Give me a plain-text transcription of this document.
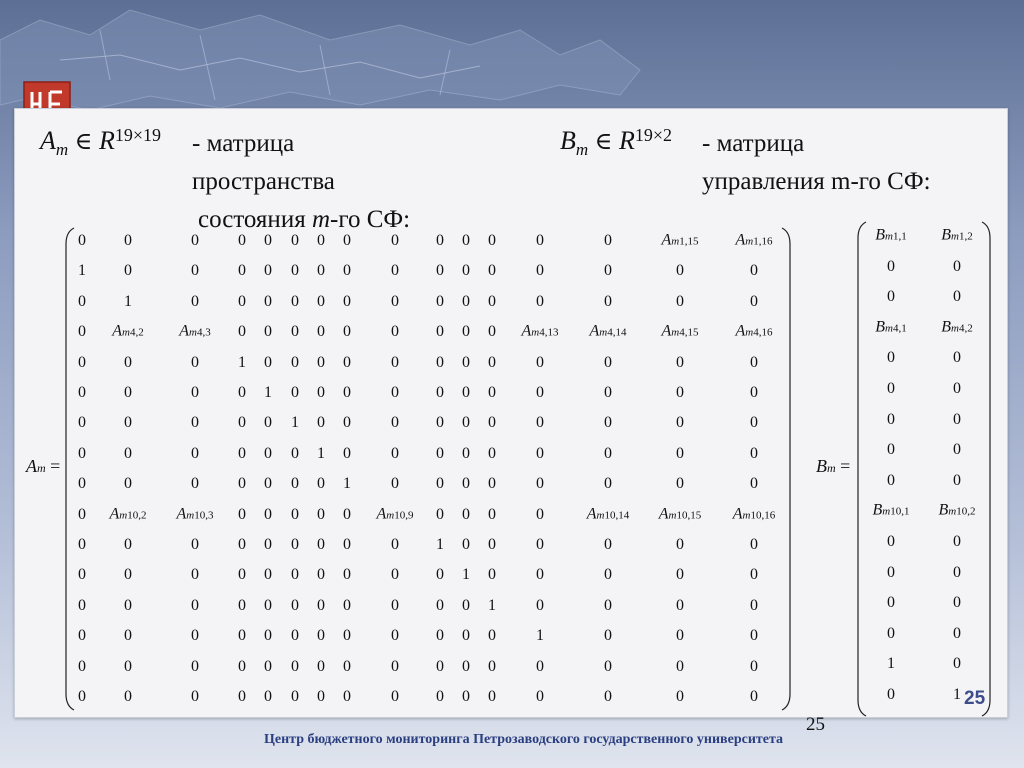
$A_m$ ∈ $R^{19\times 19}$ - матрица
пространства
состояния m-го СФ:
$B_m$ ∈ $R^{19\times 2}$ - матрица
управления m-го СФ:
Am =	Bm =
0 0	0 0 0 0 0 0	0 0 0 0	0	0	Am1,15 Am1,16
1 0	0 0 0 0 0 0	0 0 0 0	0	0	0	0
0 1	0 0 0 0 0 0	0 0 0 0	0	0	0	0
0 Am4,2 Am4,3 0 0 0 0 0	0 0 0 0 Am4,13 Am4,14 Am4,15 Am4,16
0 0	0 1 0 0 0 0	0 0 0 0	0	0	0	0
0 0	0 0 1 0 0 0	0 0 0 0	0	0	0	0
0 0	0 0 0 1 0 0	0 0 0 0	0	0	0	0
0 0	0 0 0 0 1 0	0 0 0 0	0	0	0	0
0 0	0 0 0 0 0 1	0 0 0 0	0	0	0	0
0 Am10,2 Am10,3 0 0 0 0 0 Am10,9 0 0 0	0	Am10,14 Am10,15 Am10,16
0 0	0 0 0 0 0 0	0 1 0 0	0	0	0	0
0 0	0 0 0 0 0 0	0 0 1 0	0	0	0	0
0 0	0 0 0 0 0 0	0 0 0 1	0	0	0	0
0 0	0 0 0 0 0 0	0 0 0 0	1	0	0	0
0 0	0 0 0 0 0 0	0 0 0 0	0	0	0	0
0 0	0 0 0 0 0 0	0 0 0 0	0	0	0	0
Bm1,1 Bm1,2
0	0
0	0
Bm4,1 Bm4,2
0	0
0	0
0	0
0	0
0	0
Bm10,1 Bm10,2
0	0
0	0
0	0
0	0
1	0
0	1
25
25
Центр бюджетного мониторинга Петрозаводского государственного университета
